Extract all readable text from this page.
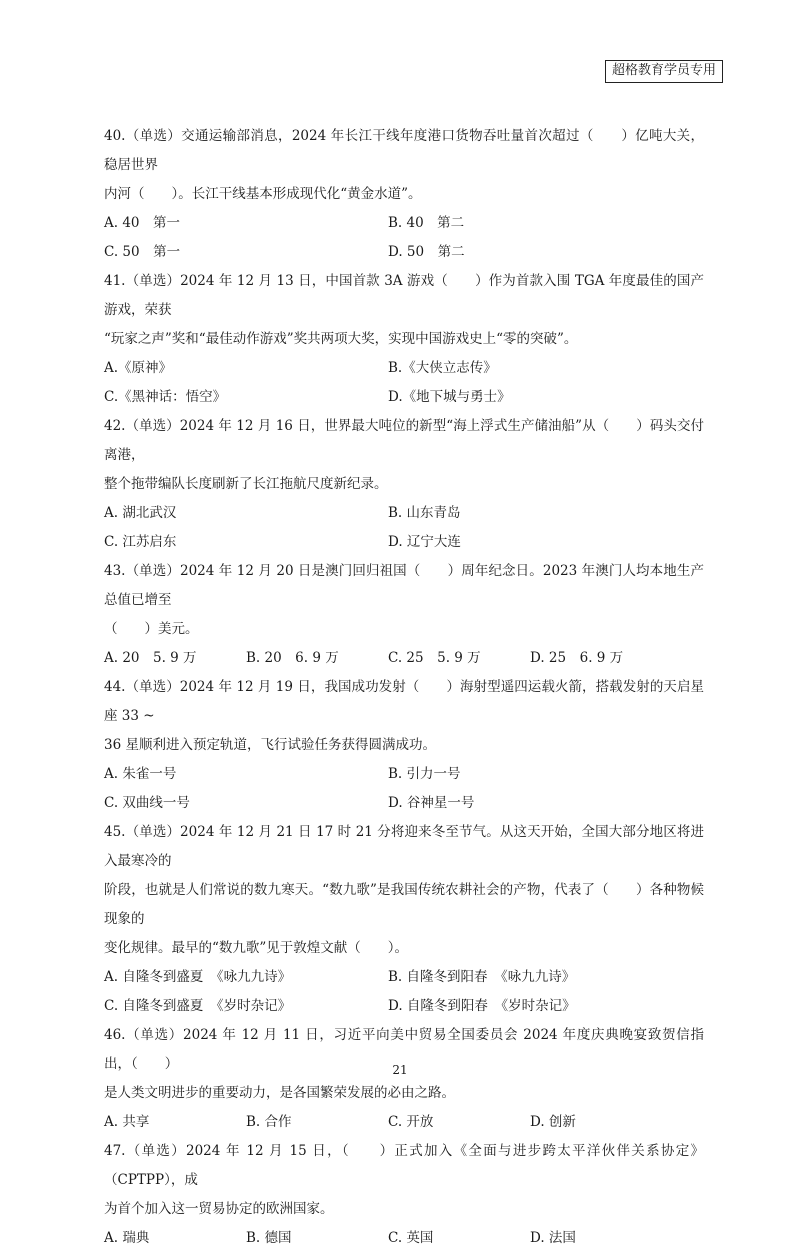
超格教育学员专用

40.（单选）交通运输部消息，2024 年长江干线年度港口货物吞吐量首次超过（　　）亿吨大关，稳居世界

内河（　　）。长江干线基本形成现代化“黄金水道”。

A. 40　第一	B. 40　第二
C. 50　第一	D. 50　第二

41.（单选）2024 年 12 月 13 日，中国首款 3A 游戏（　　）作为首款入围 TGA 年度最佳的国产游戏，荣获

“玩家之声”奖和“最佳动作游戏”奖共两项大奖，实现中国游戏史上“零的突破”。

A.《原神》	B.《大侠立志传》
C.《黑神话：悟空》	D.《地下城与勇士》

42.（单选）2024 年 12 月 16 日，世界最大吨位的新型“海上浮式生产储油船”从（　　）码头交付离港，

整个拖带编队长度刷新了长江拖航尺度新纪录。

A. 湖北武汉	B. 山东青岛
C. 江苏启东	D. 辽宁大连

43.（单选）2024 年 12 月 20 日是澳门回归祖国（　　）周年纪念日。2023 年澳门人均本地生产总值已增至

（　　）美元。

A. 20　5. 9 万	B. 20　6. 9 万	C. 25　5. 9 万	D. 25　6. 9 万

44.（单选）2024 年 12 月 19 日，我国成功发射（　　）海射型遥四运载火箭，搭载发射的天启星座 33 ~

36 星顺利进入预定轨道，飞行试验任务获得圆满成功。

A. 朱雀一号	B. 引力一号
C. 双曲线一号	D. 谷神星一号

45.（单选）2024 年 12 月 21 日 17 时 21 分将迎来冬至节气。从这天开始，全国大部分地区将进入最寒冷的

阶段，也就是人们常说的数九寒天。“数九歌”是我国传统农耕社会的产物，代表了（　　）各种物候现象的

变化规律。最早的“数九歌”见于敦煌文献（　　）。

A. 自隆冬到盛夏　《咏九九诗》	B. 自隆冬到阳春　《咏九九诗》
C. 自隆冬到盛夏　《岁时杂记》	D. 自隆冬到阳春　《岁时杂记》

46.（单选）2024 年 12 月 11 日，习近平向美中贸易全国委员会 2024 年度庆典晚宴致贺信指出，（　　）

是人类文明进步的重要动力，是各国繁荣发展的必由之路。

A. 共享	B. 合作	C. 开放	D. 创新

47.（单选）2024 年 12 月 15 日，（　　）正式加入《全面与进步跨太平洋伙伴关系协定》（CPTPP），成

为首个加入这一贸易协定的欧洲国家。

A. 瑞典	B. 德国	C. 英国	D. 法国
21
